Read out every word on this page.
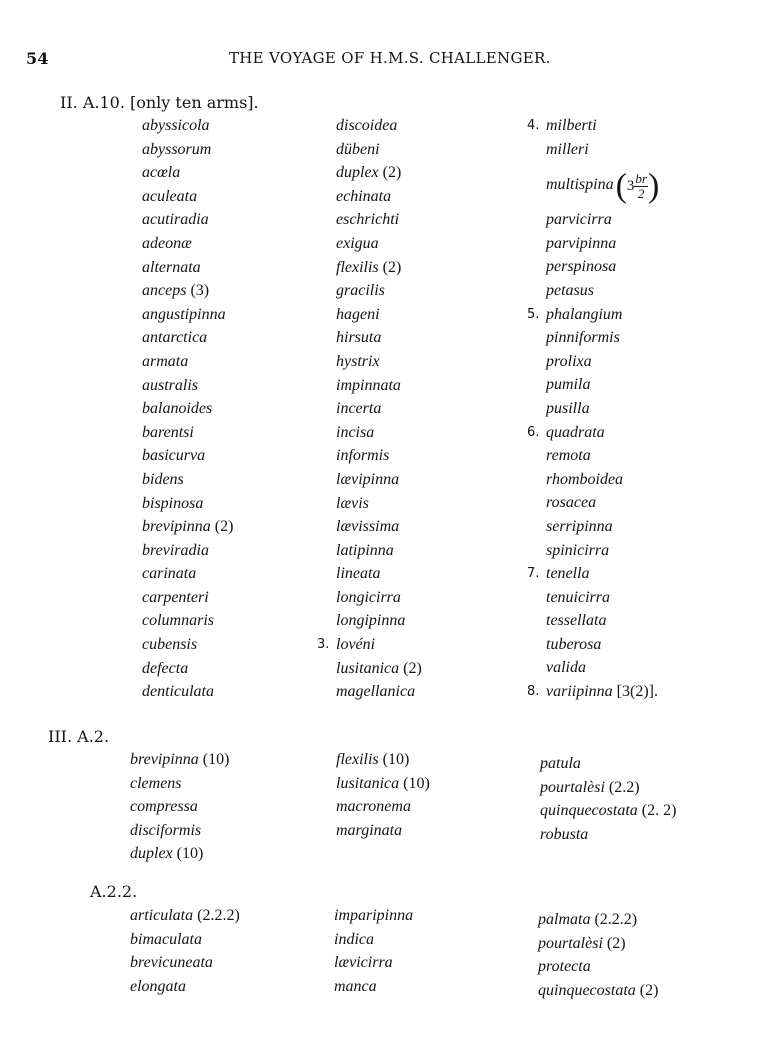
54	THE VOYAGE OF H.M.S. CHALLENGER.
II. A.10. [only ten arms].
abyssicola
abyssorum
acœla
aculeata
acutiradia
adeonæ
alternata
anceps (3)
angustipinna
antarctica
armata
australis
balanoides
barentsi
basicurva
bidens
bispinosa
brevipinna (2)
breviradia
carinata
carpenteri
columnaris
cubensis
defecta
denticulata
discoidea
dübeni
duplex (2)
echinata
eschrichti
exigua
flexilis (2)
gracilis
hageni
hirsuta
hystrix
impinnata
incerta
incisa
informis
lævipinna
lævis
lævissima
latipinna
lineata
longicirra
longipinna
3. lovéni
lusitanica (2)
magellanica
4. milberti
milleri
multispina(3 $\frac{br}{2}$ )
parvicirra
parvipinna
perspinosa
petasus
5. phalangium
pinniformis
prolixa
pumila
pusilla
6. quadrata
remota
rhomboidea
rosacea
serripinna
spinicirra
7. tenella
tenuicirra
tessellata
tuberosa
valida
8. variipinna [3(2)].
III. A.2.
brevipinna (10)
clemens
compressa
disciformis
duplex (10)
flexilis (10)
lusitanica (10)
macronema
marginata
patula
pourtalèsi (2.2)
quinquecostata (2. 2)
robusta
A.2.2.
articulata (2.2.2)
bimaculata
brevicuneata
elongata
imparipinna
indica
lævicirra
manca
palmata (2.2.2)
pourtalèsi (2)
protecta
quinquecostata (2)
